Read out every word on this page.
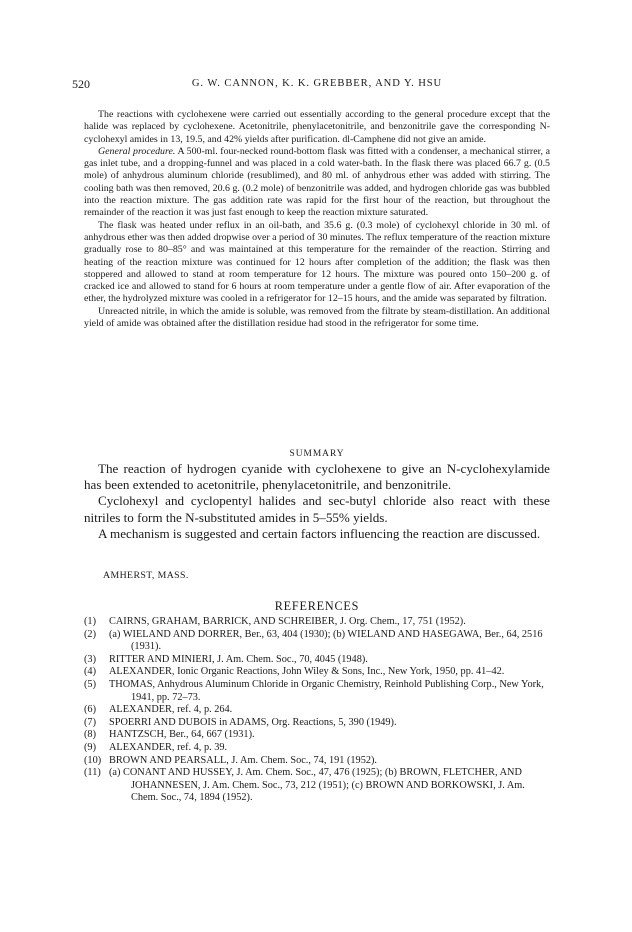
520	G. W. CANNON, K. K. GREBBER, AND Y. HSU

The reactions with cyclohexene were carried out essentially according to the general procedure except that the halide was replaced by cyclohexene. Acetonitrile, phenylacetonitrile, and benzonitrile gave the corresponding N-cyclohexyl amides in 13, 19.5, and 42% yields after purification. dl-Camphene did not give an amide.

General procedure. A 500-ml. four-necked round-bottom flask was fitted with a condenser, a mechanical stirrer, a gas inlet tube, and a dropping-funnel and was placed in a cold water-bath. In the flask there was placed 66.7 g. (0.5 mole) of anhydrous aluminum chloride (resublimed), and 80 ml. of anhydrous ether was added with stirring. The cooling bath was then removed, 20.6 g. (0.2 mole) of benzonitrile was added, and hydrogen chloride gas was bubbled into the reaction mixture. The gas addition rate was rapid for the first hour of the reaction, but throughout the remainder of the reaction it was just fast enough to keep the reaction mixture saturated.

The flask was heated under reflux in an oil-bath, and 35.6 g. (0.3 mole) of cyclohexyl chloride in 30 ml. of anhydrous ether was then added dropwise over a period of 30 minutes. The reflux temperature of the reaction mixture gradually rose to 80–85° and was maintained at this temperature for the remainder of the reaction. Stirring and heating of the reaction mixture was continued for 12 hours after completion of the addition; the flask was then stoppered and allowed to stand at room temperature for 12 hours. The mixture was poured onto 150–200 g. of cracked ice and allowed to stand for 6 hours at room temperature under a gentle flow of air. After evaporation of the ether, the hydrolyzed mixture was cooled in a refrigerator for 12–15 hours, and the amide was separated by filtration.

Unreacted nitrile, in which the amide is soluble, was removed from the filtrate by steam-distillation. An additional yield of amide was obtained after the distillation residue had stood in the refrigerator for some time.

SUMMARY

The reaction of hydrogen cyanide with cyclohexene to give an N-cyclohexylamide has been extended to acetonitrile, phenylacetonitrile, and benzonitrile.

Cyclohexyl and cyclopentyl halides and sec-butyl chloride also react with these nitriles to form the N-substituted amides in 5–55% yields.

A mechanism is suggested and certain factors influencing the reaction are discussed.

AMHERST, MASS.
REFERENCES
(1)	CAIRNS, GRAHAM, BARRICK, AND SCHREIBER, J. Org. Chem., 17, 751 (1952).
(2)	(a) WIELAND AND DORRER, Ber., 63, 404 (1930); (b) WIELAND AND HASEGAWA, Ber., 64, 2516 (1931).
(3)	RITTER AND MINIERI, J. Am. Chem. Soc., 70, 4045 (1948).
(4)	ALEXANDER, Ionic Organic Reactions, John Wiley & Sons, Inc., New York, 1950, pp. 41–42.
(5)	THOMAS, Anhydrous Aluminum Chloride in Organic Chemistry, Reinhold Publishing Corp., New York, 1941, pp. 72–73.
(6)	ALEXANDER, ref. 4, p. 264.
(7)	SPOERRI AND DUBOIS in ADAMS, Org. Reactions, 5, 390 (1949).
(8)	HANTZSCH, Ber., 64, 667 (1931).
(9)	ALEXANDER, ref. 4, p. 39.
(10) BROWN AND PEARSALL, J. Am. Chem. Soc., 74, 191 (1952).
(11) (a) CONANT AND HUSSEY, J. Am. Chem. Soc., 47, 476 (1925); (b) BROWN, FLETCHER, AND JOHANNESEN, J. Am. Chem. Soc., 73, 212 (1951); (c) BROWN AND BORKOWSKI, J. Am. Chem. Soc., 74, 1894 (1952).
